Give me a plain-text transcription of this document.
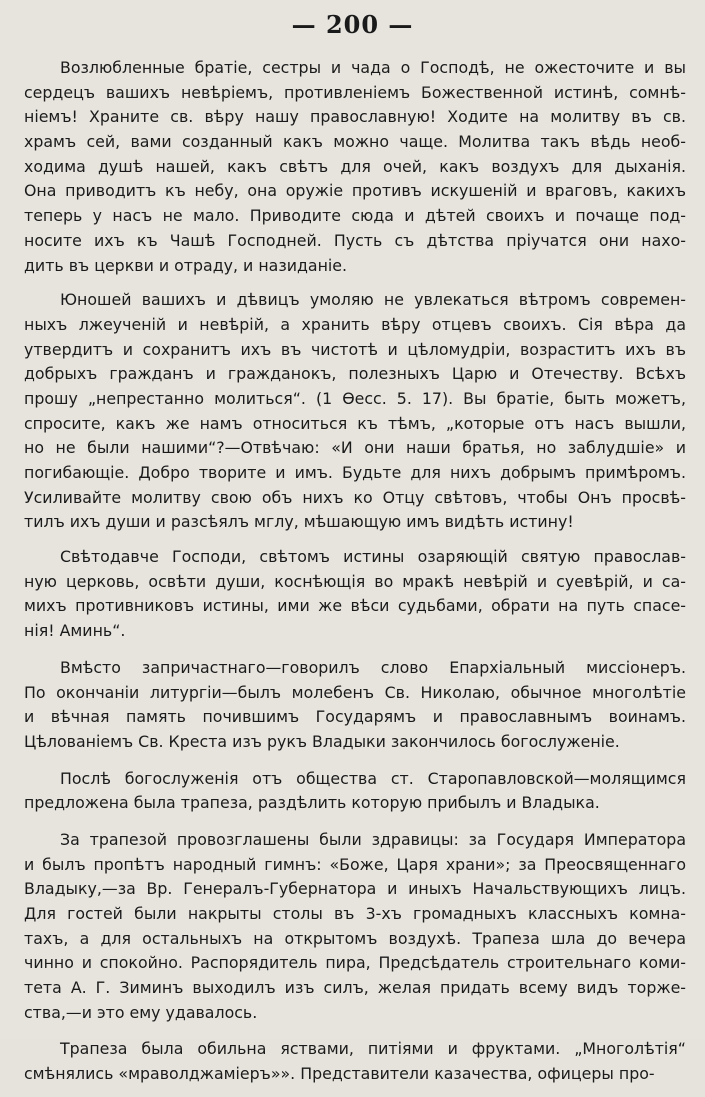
— 200 —
Возлюбленные братіе, сестры и чада о Господѣ, не ожесточите и вы
сердецъ вашихъ невѣріемъ, противленіемъ Божественной истинѣ, сомнѣ-
ніемъ! Храните св. вѣру нашу православную! Ходите на молитву въ св.
храмъ сей, вами созданный какъ можно чаще. Молитва такъ вѣдь необ-
ходима душѣ нашей, какъ свѣтъ для очей, какъ воздухъ для дыханія.
Она приводитъ къ небу, она оружіе противъ искушеній и враговъ, какихъ
теперь у насъ не мало. Приводите сюда и дѣтей своихъ и почаще под-
носите ихъ къ Чашѣ Господней. Пусть съ дѣтства пріучатся они нахо-
дить въ церкви и отраду, и назиданіе.
Юношей вашихъ и дѣвицъ умоляю не увлекаться вѣтромъ современ-
ныхъ лжеученій и невѣрій, а хранить вѣру отцевъ своихъ. Сія вѣра да
утвердитъ и сохранитъ ихъ въ чистотѣ и цѣломудріи, возраститъ ихъ въ
добрыхъ гражданъ и гражданокъ, полезныхъ Царю и Отечеству. Всѣхъ
прошу „непрестанно молиться“. (1 Ѳесс. 5. 17). Вы братіе, быть можетъ,
спросите, какъ же намъ относиться къ тѣмъ, „которые отъ насъ вышли,
но не были нашими“?—Отвѣчаю: «И они наши братья, но заблудшіе» и
погибающіе. Добро творите и имъ. Будьте для нихъ добрымъ примѣромъ.
Усиливайте молитву свою объ нихъ ко Отцу свѣтовъ, чтобы Онъ просвѣ-
тилъ ихъ души и разсѣялъ мглу, мѣшающую имъ видѣть истину!
Свѣтодавче Господи, свѣтомъ истины озаряющій святую православ-
ную церковь, освѣти души, коснѣющія во мракѣ невѣрій и суевѣрій, и са-
михъ противниковъ истины, ими же вѣси судьбами, обрати на путь спасе-
нія! Аминь“.
Вмѣсто запричастнаго—говорилъ слово Епархіальный миссіонеръ.
По окончаніи литургіи—былъ молебенъ Св. Николаю, обычное многолѣтіе
и вѣчная память почившимъ Государямъ и православнымъ воинамъ.
Цѣлованіемъ Св. Креста изъ рукъ Владыки закончилось богослуженіе.
Послѣ богослуженія отъ общества ст. Старопавловской—молящимся
предложена была трапеза, раздѣлить которую прибылъ и Владыка.
За трапезой провозглашены были здравицы: за Государя Императора
и былъ пропѣтъ народный гимнъ: «Боже, Царя храни»; за Преосвященнаго
Владыку,—за Вр. Генералъ-Губернатора и иныхъ Начальствующихъ лицъ.
Для гостей были накрыты столы въ 3-хъ громадныхъ классныхъ комна-
тахъ, а для остальныхъ на открытомъ воздухѣ. Трапеза шла до вечера
чинно и спокойно. Распорядитель пира, Предсѣдатель строительнаго коми-
тета А. Г. Зиминъ выходилъ изъ силъ, желая придать всему видъ торже-
ства,—и это ему удавалось.
Трапеза была обильна яствами, питіями и фруктами. „Многолѣтія“
смѣнялись «мраволджаміеръ»». Представители казачества, офицеры про-
